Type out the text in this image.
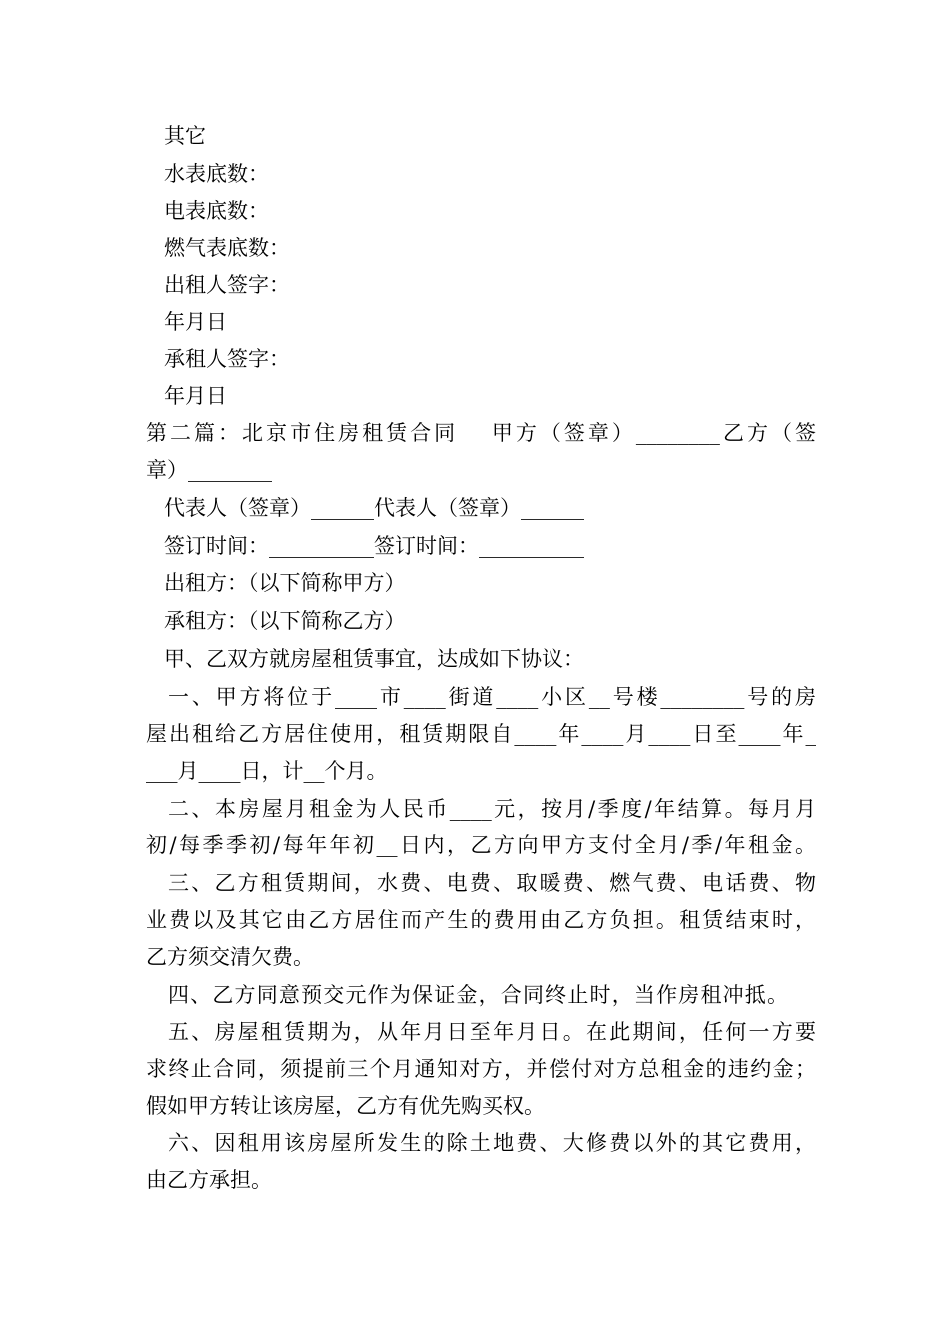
其它
水表底数：
电表底数：
燃气表底数：
出租人签字：
年月日
承租人签字：
年月日
第二篇：北京市住房租赁合同　 甲方（签章）________乙方（签
章）________
代表人（签章）______代表人（签章）______
签订时间：__________签订时间：__________
出租方：（以下简称甲方）
承租方：（以下简称乙方）
甲、乙双方就房屋租赁事宜，达成如下协议：
一、甲方将位于____市____街道____小区__号楼________号的房
屋出租给乙方居住使用，租赁期限自____年____月____日至____年_
___月____日，计__个月。
二、本房屋月租金为人民币____元，按月/季度/年结算。每月月
初/每季季初/每年年初__日内，乙方向甲方支付全月/季/年租金。
三、乙方租赁期间，水费、电费、取暖费、燃气费、电话费、物
业费以及其它由乙方居住而产生的费用由乙方负担。租赁结束时，
乙方须交清欠费。
四、乙方同意预交元作为保证金，合同终止时，当作房租冲抵。
五、房屋租赁期为，从年月日至年月日。在此期间，任何一方要
求终止合同，须提前三个月通知对方，并偿付对方总租金的违约金；
假如甲方转让该房屋，乙方有优先购买权。
六、因租用该房屋所发生的除土地费、大修费以外的其它费用，
由乙方承担。
